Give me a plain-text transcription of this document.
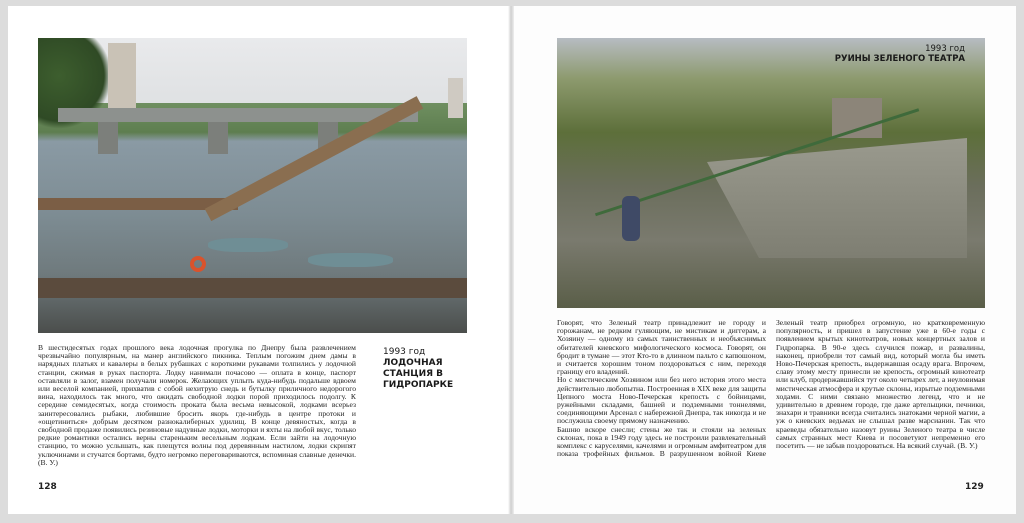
В шестидесятых годах прошлого века лодочная прогулка по Днепру была развлечением чрезвычайно популярным, на манер английского пикника. Теплым погожим днем дамы в нарядных платьях и кавалеры в белых рубашках с короткими рукавами толпились у лодочной станции, сжимая в руках паспорта. Лодку нанимали почасово — оплата в конце, паспорт оставляли в залог, взамен получали номерок. Желающих уплыть куда-нибудь подальше вдвоем или веселой компанией, прихватив с собой нехитрую снедь и бутылку приличного недорогого вина, находилось так много, что ожидать свободной лодки порой приходилось подолгу. К середине семидесятых, когда стоимость проката была весьма невысокой, лодками всерьез заинтересовались рыбаки, любившие бросить якорь где-нибудь в центре протоки и «ощетиниться» добрым десятком разнокалиберных удилищ. В конце девяностых, когда в свободной продаже появились резиновые надувные лодки, моторки и яхты на любой вкус, только редкие романтики остались верны стареньким весельным лодкам. Если зайти на лодочную станцию, то можно услышать, как плещутся волны под деревянным настилом, лодки скрипят уключинами и стучатся бортами, будто негромко переговариваются, вспоминая славные денечки. (В. У.)

1993 год
ЛОДОЧНАЯ СТАНЦИЯ В ГИДРОПАРКЕ
128

Говорят, что Зеленый театр принадлежит не городу и горожанам, не редким гуляющим, не мистикам и диггерам, а Хозяину — одному из самых таинственных и необъяснимых обитателей киевского мифологического космоса. Говорят, он бродит в тумане — этот Кто-то в длинном пальто с капюшоном, и считается хорошим тоном поздороваться с ним, переходя границу его владений.

Но с мистическим Хозяином или без него история этого места действительно любопытна. Построенная в XIX веке для защиты Цепного моста Ново-Печерская крепость с бойницами, ружейными складами, башней и подземными тоннелями, соединяющими Арсенал с набережной Днепра, так никогда и не послужила своему прямому назначению.

Башню вскоре снесли; стены же так и стояли на зеленых склонах, пока в 1949 году здесь не построили развлекательный комплекс с каруселями, качелями и огромным амфитеатром для показа трофейных фильмов. В разрушенном войной Киеве Зеленый театр приобрел огромную, но кратковременную популярность, и пришел в запустение уже в 60-е годы с появлением крытых кинотеатров, новых концертных залов и Гидропарка. В 90-е здесь случился пожар, и развалины, наконец, приобрели тот самый вид, который могла бы иметь Ново-Печерская крепость, выдержавшая осаду врага. Впрочем, славу этому месту принесли не крепость, огромный кинотеатр или клуб, продержавшийся тут около четырех лет, а неуловимая мистическая атмосфера и крутые склоны, изрытые подземными ходами. С ними связано множество легенд, что и не удивительно в древнем городе, где даже артельщики, печники, знахари и травники всегда считались знатоками черной магии, а уж о киевских ведьмах не слышал разве марсианин. Так что краеведы обязательно назовут руины Зеленого театра в числе самых странных мест Киева и посоветуют непременно его посетить — не забыв поздороваться. На всякий случай. (В. У.)

1993 год
РУИНЫ ЗЕЛЕНОГО ТЕАТРА
129
